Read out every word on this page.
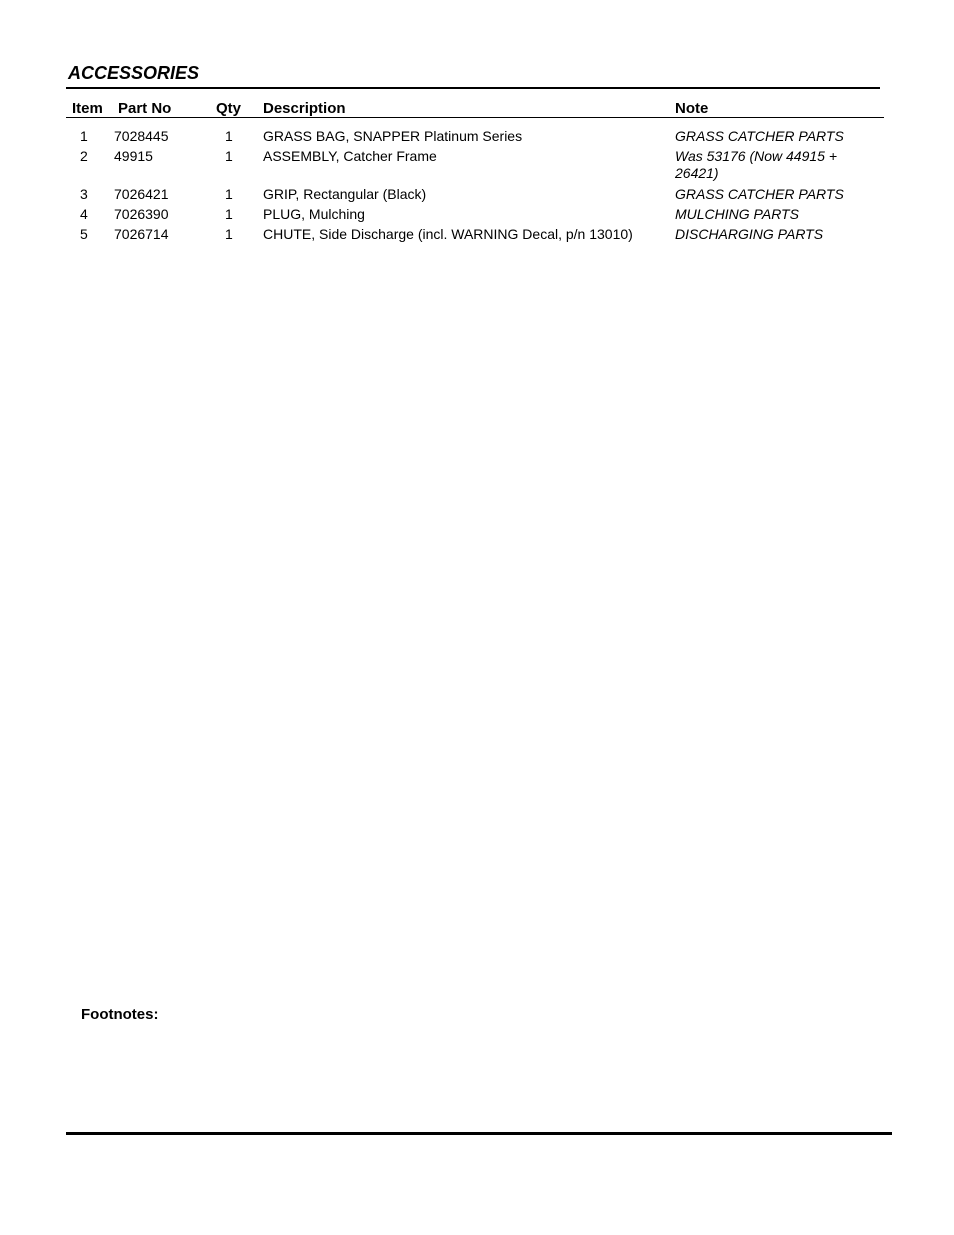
ACCESSORIES
Item Part No	Qty Description	Note
1 7028445	1 GRASS BAG, SNAPPER Platinum Series	GRASS CATCHER PARTS
2 49915	1 ASSEMBLY, Catcher Frame	Was 53176 (Now 44915 + 26421)
3 7026421	1 GRIP, Rectangular (Black)	GRASS CATCHER PARTS
4 7026390	1 PLUG, Mulching	MULCHING PARTS
5 7026714	1 CHUTE, Side Discharge (incl. WARNING Decal, p/n 13010)	DISCHARGING PARTS
Footnotes:
